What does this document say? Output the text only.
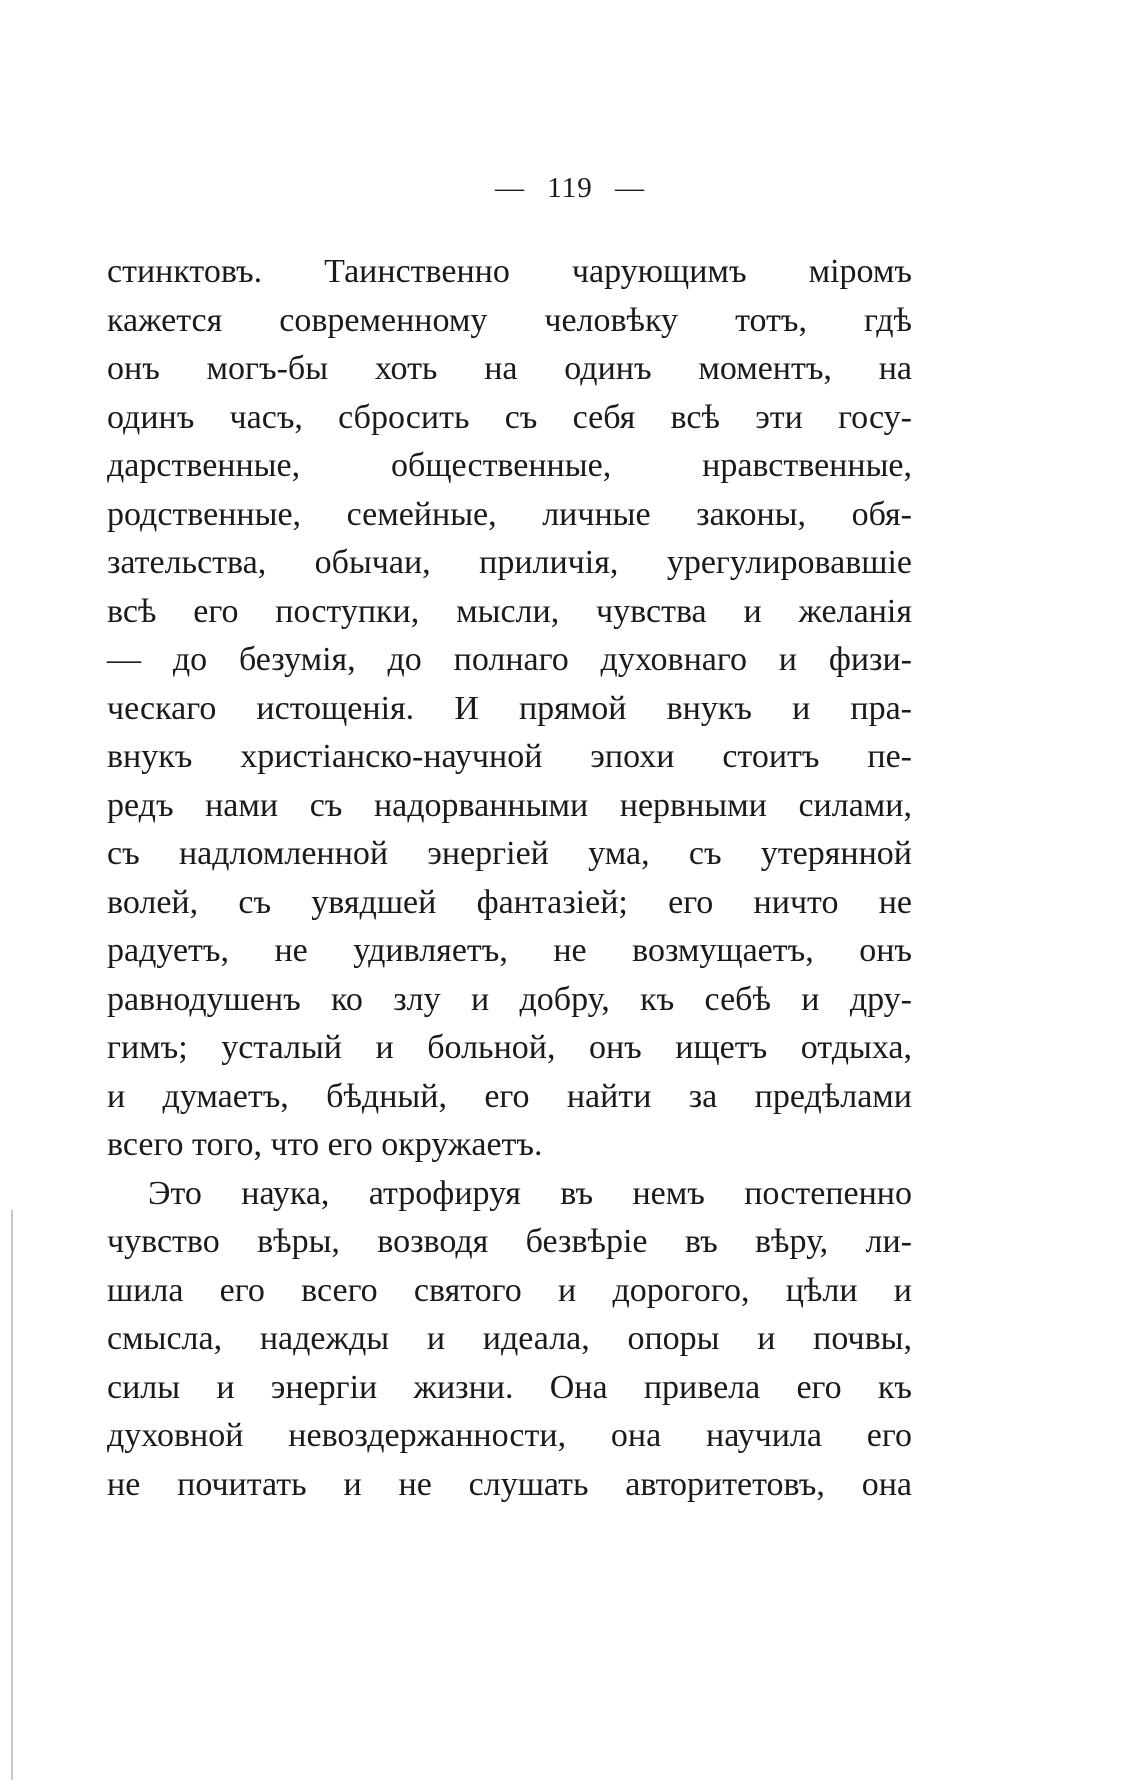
— 119 —
стинктовъ. Таинственно чарующимъ міромъ
кажется современному человѣку тотъ, гдѣ
онъ могъ-бы хоть на одинъ моментъ, на
одинъ часъ, сбросить съ себя всѣ эти госу-
дарственные, общественные, нравственные,
родственные, семейные, личные законы, обя-
зательства, обычаи, приличія, урегулировавшіе
всѣ его поступки, мысли, чувства и желанія
— до безумія, до полнаго духовнаго и физи-
ческаго истощенія. И прямой внукъ и пра-
внукъ христіанско-научной эпохи стоитъ пе-
редъ нами съ надорванными нервными силами,
съ надломленной энергіей ума, съ утерянной
волей, съ увядшей фантазіей; его ничто не
радуетъ, не удивляетъ, не возмущаетъ, онъ
равнодушенъ ко злу и добру, къ себѣ и дру-
гимъ; усталый и больной, онъ ищетъ отдыха,
и думаетъ, бѣдный, его найти за предѣлами
всего того, что его окружаетъ.
Это наука, атрофируя въ немъ постепенно
чувство вѣры, возводя безвѣріе въ вѣру, ли-
шила его всего святого и дорогого, цѣли и
смысла, надежды и идеала, опоры и почвы,
силы и энергіи жизни. Она привела его къ
духовной невоздержанности, она научила его
не почитать и не слушать авторитетовъ, она
